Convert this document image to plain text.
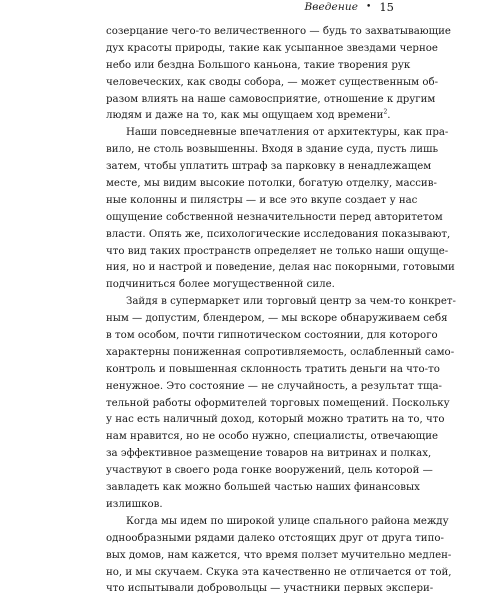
Введение • 15
созерцание чего-то величественного — будь то захватывающие
дух красоты природы, такие как усыпанное звездами черное
небо или бездна Большого каньона, такие творения рук
человеческих, как своды собора, — может существенным об-
разом влиять на наше самовосприятие, отношение к другим
людям и даже на то, как мы ощущаем ход времени$^2$.
Наши повседневные впечатления от архитектуры, как пра-
вило, не столь возвышенны. Входя в здание суда, пусть лишь
затем, чтобы уплатить штраф за парковку в ненадлежащем
месте, мы видим высокие потолки, богатую отделку, массив-
ные колонны и пилястры — и все это вкупе создает у нас
ощущение собственной незначительности перед авторитетом
власти. Опять же, психологические исследования показывают,
что вид таких пространств определяет не только наши ощуще-
ния, но и настрой и поведение, делая нас покорными, готовыми
подчиниться более могущественной силе.
Зайдя в супермаркет или торговый центр за чем-то конкрет-
ным — допустим, блендером, — мы вскоре обнаруживаем себя
в том особом, почти гипнотическом состоянии, для которого
характерны пониженная сопротивляемость, ослабленный само-
контроль и повышенная склонность тратить деньги на что-то
ненужное. Это состояние — не случайность, а результат тща-
тельной работы оформителей торговых помещений. Поскольку
у нас есть наличный доход, который можно тратить на то, что
нам нравится, но не особо нужно, специалисты, отвечающие
за эффективное размещение товаров на витринах и полках,
участвуют в своего рода гонке вооружений, цель которой —
завладеть как можно большей частью наших финансовых
излишков.
Когда мы идем по широкой улице спального района между
однообразными рядами далеко отстоящих друг от друга типо-
вых домов, нам кажется, что время ползет мучительно медлен-
но, и мы скучаем. Скука эта качественно не отличается от той,
что испытывали добровольцы — участники первых экспери-
